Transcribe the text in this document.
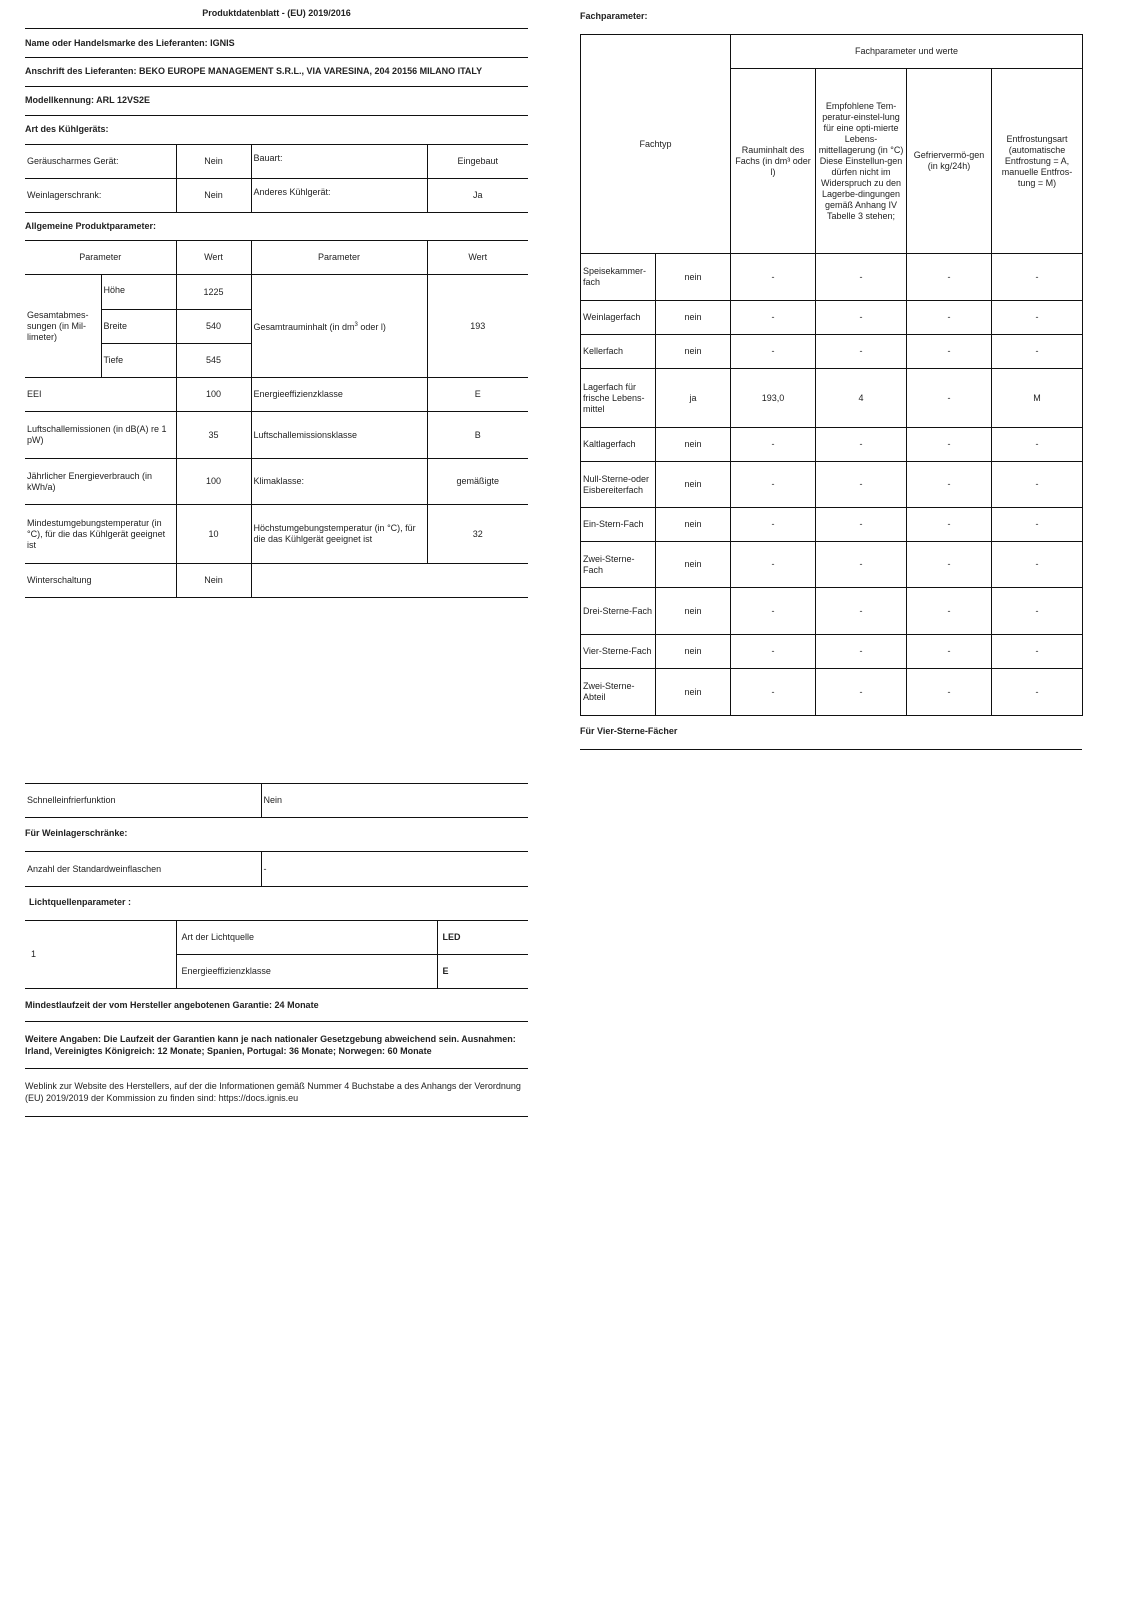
Produktdatenblatt - (EU) 2019/2016
Name oder Handelsmarke des Lieferanten: IGNIS
Anschrift des Lieferanten: BEKO EUROPE MANAGEMENT S.R.L., VIA VARESINA, 204 20156 MILANO ITALY
Modellkennung: ARL 12VS2E
Art des Kühlgeräts:
Geräuscharmes Gerät:	Nein	Bauart:	Eingebaut
Weinlagerschrank:	Nein	Anderes Kühlgerät:	Ja
Allgemeine Produktparameter:
Parameter		Wert	Parameter	Wert
Gesamtabmes-sungen (in Mil-limeter)	Höhe	1225	Gesamtrauminhalt (in $dm^3$ oder l)	193
	Breite	540		
	Tiefe	545		
EEI		100	Energieeffizienzklasse	E
Luftschallemissionen (in dB(A) re 1 pW)		35	Luftschallemissionsklasse	B
Jährlicher Energieverbrauch (in kWh/a)		100	Klimaklasse:	gemäßigte
Mindestumgebungstemperatur (in °C), für die das Kühlgerät geeignet ist		10	Höchstumgebungstemperatur (in °C), für die das Kühlgerät geeignet ist	32
Winterschaltung		Nein		
Schnelleinfrierfunktion	Nein
Für Weinlagerschränke:
Anzahl der Standardweinflaschen	-
Lichtquellenparameter :
1	Art der Lichtquelle	LED
	Energieeffizienzklasse	E
Mindestlaufzeit der vom Hersteller angebotenen Garantie: 24 Monate
Weitere Angaben: Die Laufzeit der Garantien kann je nach nationaler Gesetzgebung abweichend sein. Ausnahmen: Irland, Vereinigtes Königreich: 12 Monate; Spanien, Portugal: 36 Monate; Norwegen: 60 Monate
Weblink zur Website des Herstellers, auf der die Informationen gemäß Nummer 4 Buchstabe a des Anhangs der Verordnung (EU) 2019/2019 der Kommission zu finden sind: https://docs.ignis.eu
Fachparameter:
Fachtyp		Fachparameter und werte			
		Rauminhalt des Fachs (in dm³ oder l)	Empfohlene Tem-peratur-einstel-lung für eine opti-mierte Lebens-mittellagerung (in °C) Diese Einstellun-gen dürfen nicht im Widerspruch zu den Lagerbe-dingungen gemäß Anhang IV Tabelle 3 stehen;	Gefriervermö-gen (in kg/24h)	Entfrostungsart (automatische Entfrostung = A, manuelle Entfros-tung = M)
Speisekammer-fach	nein	-	-	-	-
Weinlagerfach	nein	-	-	-	-
Kellerfach	nein	-	-	-	-
Lagerfach für frische Lebens-mittel	ja	193,0	4	-	M
Kaltlagerfach	nein	-	-	-	-
Null-Sterne-oder Eisbereiterfach	nein	-	-	-	-
Ein-Stern-Fach	nein	-	-	-	-
Zwei-Sterne-Fach	nein	-	-	-	-
Drei-Sterne-Fach	nein	-	-	-	-
Vier-Sterne-Fach	nein	-	-	-	-
Zwei-Sterne-Abteil	nein	-	-	-	-
Für Vier-Sterne-Fächer
